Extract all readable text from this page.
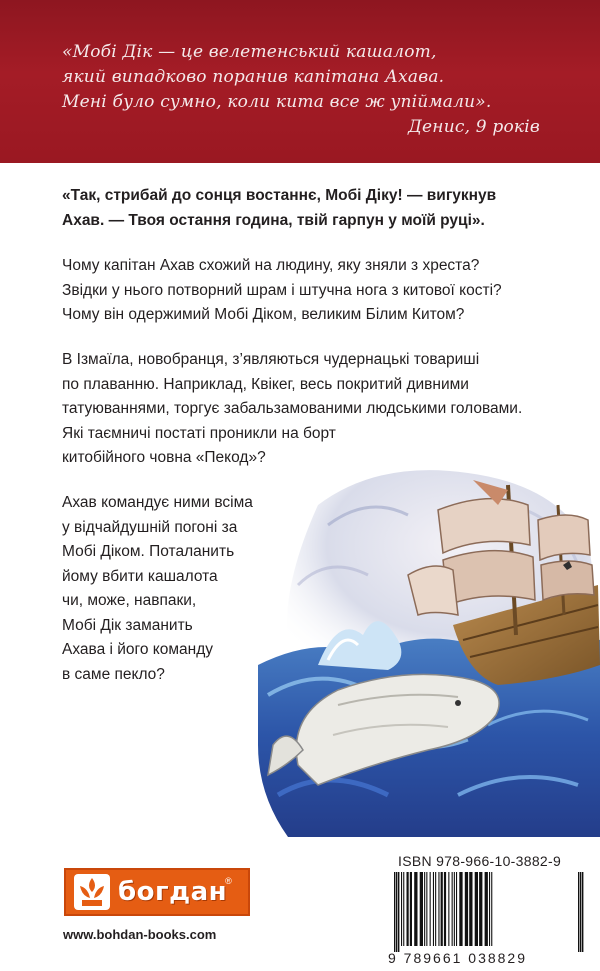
«Мобі Дік — це велетенський кашалот,
який випадково поранив капітана Ахава.
Мені було сумно, коли кита все ж упіймали».
Денис, 9 років
«Так, стрибай до сонця востаннє, Мобі Діку! — вигукнув
Ахав. — Твоя остання година, твій гарпун у моїй руці».
Чому капітан Ахав схожий на людину, яку зняли з хреста?
Звідки у нього потворний шрам і штучна нога з китової кості?
Чому він одержимий Мобі Діком, великим Білим Китом?
В Ізмаїла, новобранця, з’являються чудернацькі товариші
по плаванню. Наприклад, Квікег, весь покритий дивними
татуюваннями, торгує забальзамованими людськими головами.
Які таємничі постаті проникли на борт
китобійного човна «Пекод»?
Ахав командує ними всіма
у відчайдушній погоні за
Мобі Діком. Поталанить
йому вбити кашалота
чи, може, навпаки,
Мобі Дік заманить
Ахава і його команду
в саме пекло?
ISBN 978-966-10-3882-9
9 789661 038829
богдан
®
www.bohdan-books.com
